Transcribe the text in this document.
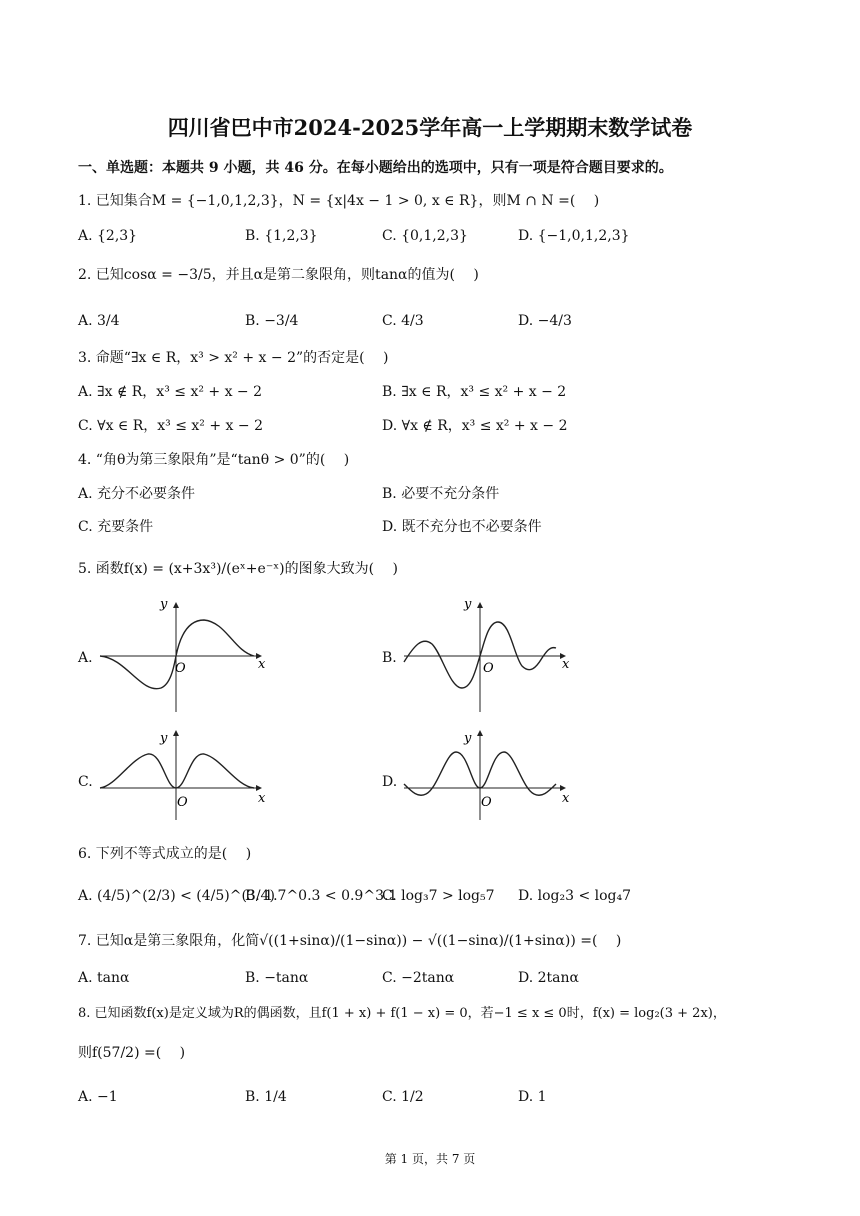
四川省巴中市2024-2025学年高一上学期期末数学试卷
一、单选题：本题共 9 小题，共 46 分。在每小题给出的选项中，只有一项是符合题目要求的。
1. 已知集合M = {−1,0,1,2,3}，N = {x|4x − 1 > 0, x ∈ R}，则M ∩ N =(　 )
A. {2,3}	B. {1,2,3}	C. {0,1,2,3}	D. {−1,0,1,2,3}
2. 已知cosα = −3/5，并且α是第二象限角，则tanα的值为(　 )
A. 3/4	B. −3/4	C. 4/3	D. −4/3
3. 命题“∃x ∈ R，x³ > x² + x − 2”的否定是(　 )
A. ∃x ∉ R，x³ ≤ x² + x − 2	B. ∃x ∈ R，x³ ≤ x² + x − 2
C. ∀x ∈ R，x³ ≤ x² + x − 2	D. ∀x ∉ R，x³ ≤ x² + x − 2
4. “角θ为第三象限角”是“tanθ > 0”的(　 )
A. 充分不必要条件	B. 必要不充分条件
C. 充要条件	D. 既不充分也不必要条件
5. 函数f(x) = (x+3x³)/(eˣ+e⁻ˣ)的图象大致为(　 )
A.
y
x
O
B.
y
x
O
C.
y
x
O
D.
y
x
O
6. 下列不等式成立的是(　 )
A. (4/5)^(2/3) < (4/5)^(3/4)
B. 1.7^0.3 < 0.9^3.1
C. log₃7 > log₅7 D. log₂3 < log₄7
7. 已知α是第三象限角，化简√((1+sinα)/(1−sinα)) − √((1−sinα)/(1+sinα)) =(　 )
A. tanα	B. −tanα	C. −2tanα	D. 2tanα
8. 已知函数f(x)是定义域为R的偶函数，且f(1 + x) + f(1 − x) = 0，若−1 ≤ x ≤ 0时，f(x) = log₂(3 + 2x)，
则f(57/2) =(　 )
A. −1	B. 1/4	C. 1/2	D. 1
第 1 页，共 7 页
